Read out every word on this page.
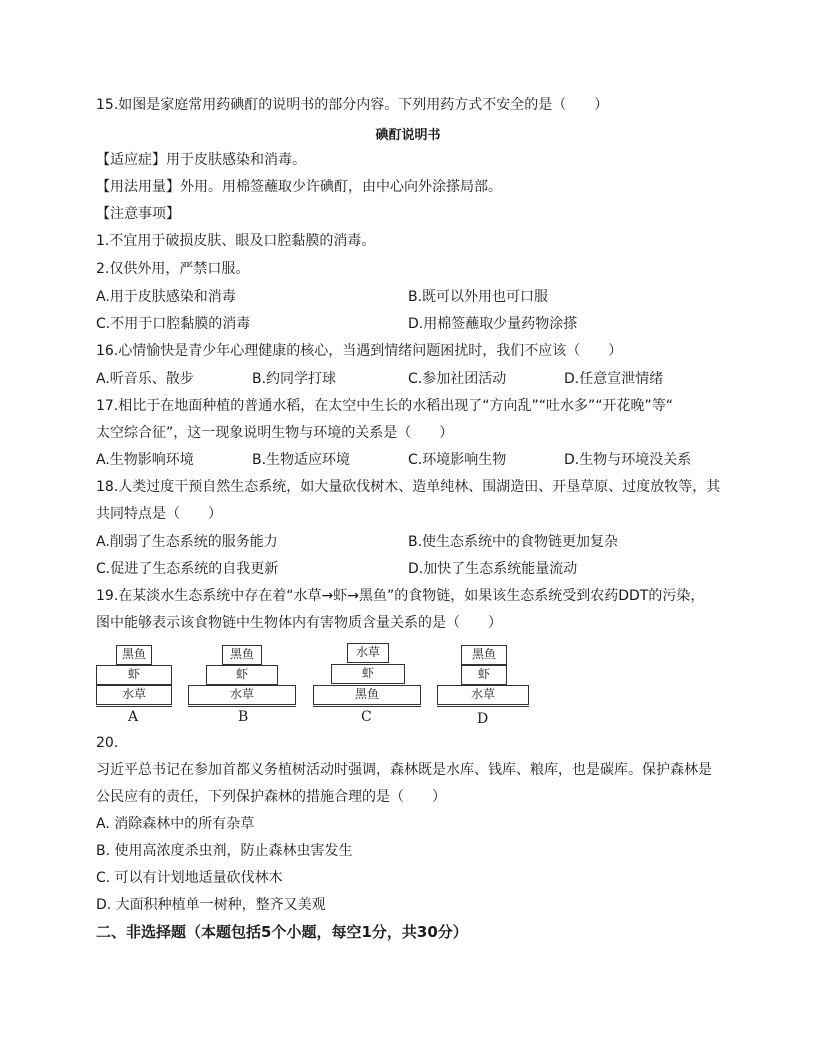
15.如图是家庭常用药碘酊的说明书的部分内容。下列用药方式不安全的是（　　）
碘酊说明书
【适应症】用于皮肤感染和消毒。
【用法用量】外用。用棉签蘸取少许碘酊，由中心向外涂搽局部。
【注意事项】
1.不宜用于破损皮肤、眼及口腔黏膜的消毒。
2.仅供外用，严禁口服。
A.用于皮肤感染和消毒	B.既可以外用也可口服
C.不用于口腔黏膜的消毒	D.用棉签蘸取少量药物涂搽
16.心情愉快是青少年心理健康的核心，当遇到情绪问题困扰时，我们不应该（　　）
A.听音乐、散步	B.约同学打球	C.参加社团活动	D.任意宣泄情绪
17.相比于在地面种植的普通水稻，在太空中生长的水稻出现了“方向乱”“吐水多”“开花晚”等“
太空综合征”，这一现象说明生物与环境的关系是（　　）
A.生物影响环境	B.生物适应环境	C.环境影响生物	D.生物与环境没关系
18.人类过度干预自然生态系统，如大量砍伐树木、造单纯林、围湖造田、开垦草原、过度放牧等，其
共同特点是（　　）
A.削弱了生态系统的服务能力	B.使生态系统中的食物链更加复杂
C.促进了生态系统的自我更新	D.加快了生态系统能量流动
19.在某淡水生态系统中存在着“水草→虾→黑鱼”的食物链，如果该生态系统受到农药DDT的污染，
图中能够表示该食物链中生物体内有害物质含量关系的是（　　）
黑鱼
虾
水草
A
黑鱼
虾
水草
B
水草
虾
黑鱼
C
黑鱼
虾
水草
D
20.
习近平总书记在参加首都义务植树活动时强调，森林既是水库、钱库、粮库，也是碳库。保护森林是
公民应有的责任，下列保护森林的措施合理的是（　　）
A. 消除森林中的所有杂草
B. 使用高浓度杀虫剂，防止森林虫害发生
C. 可以有计划地适量砍伐林木
D. 大面积种植单一树种，整齐又美观
二、非选择题（本题包括5个小题，每空1分，共30分）
